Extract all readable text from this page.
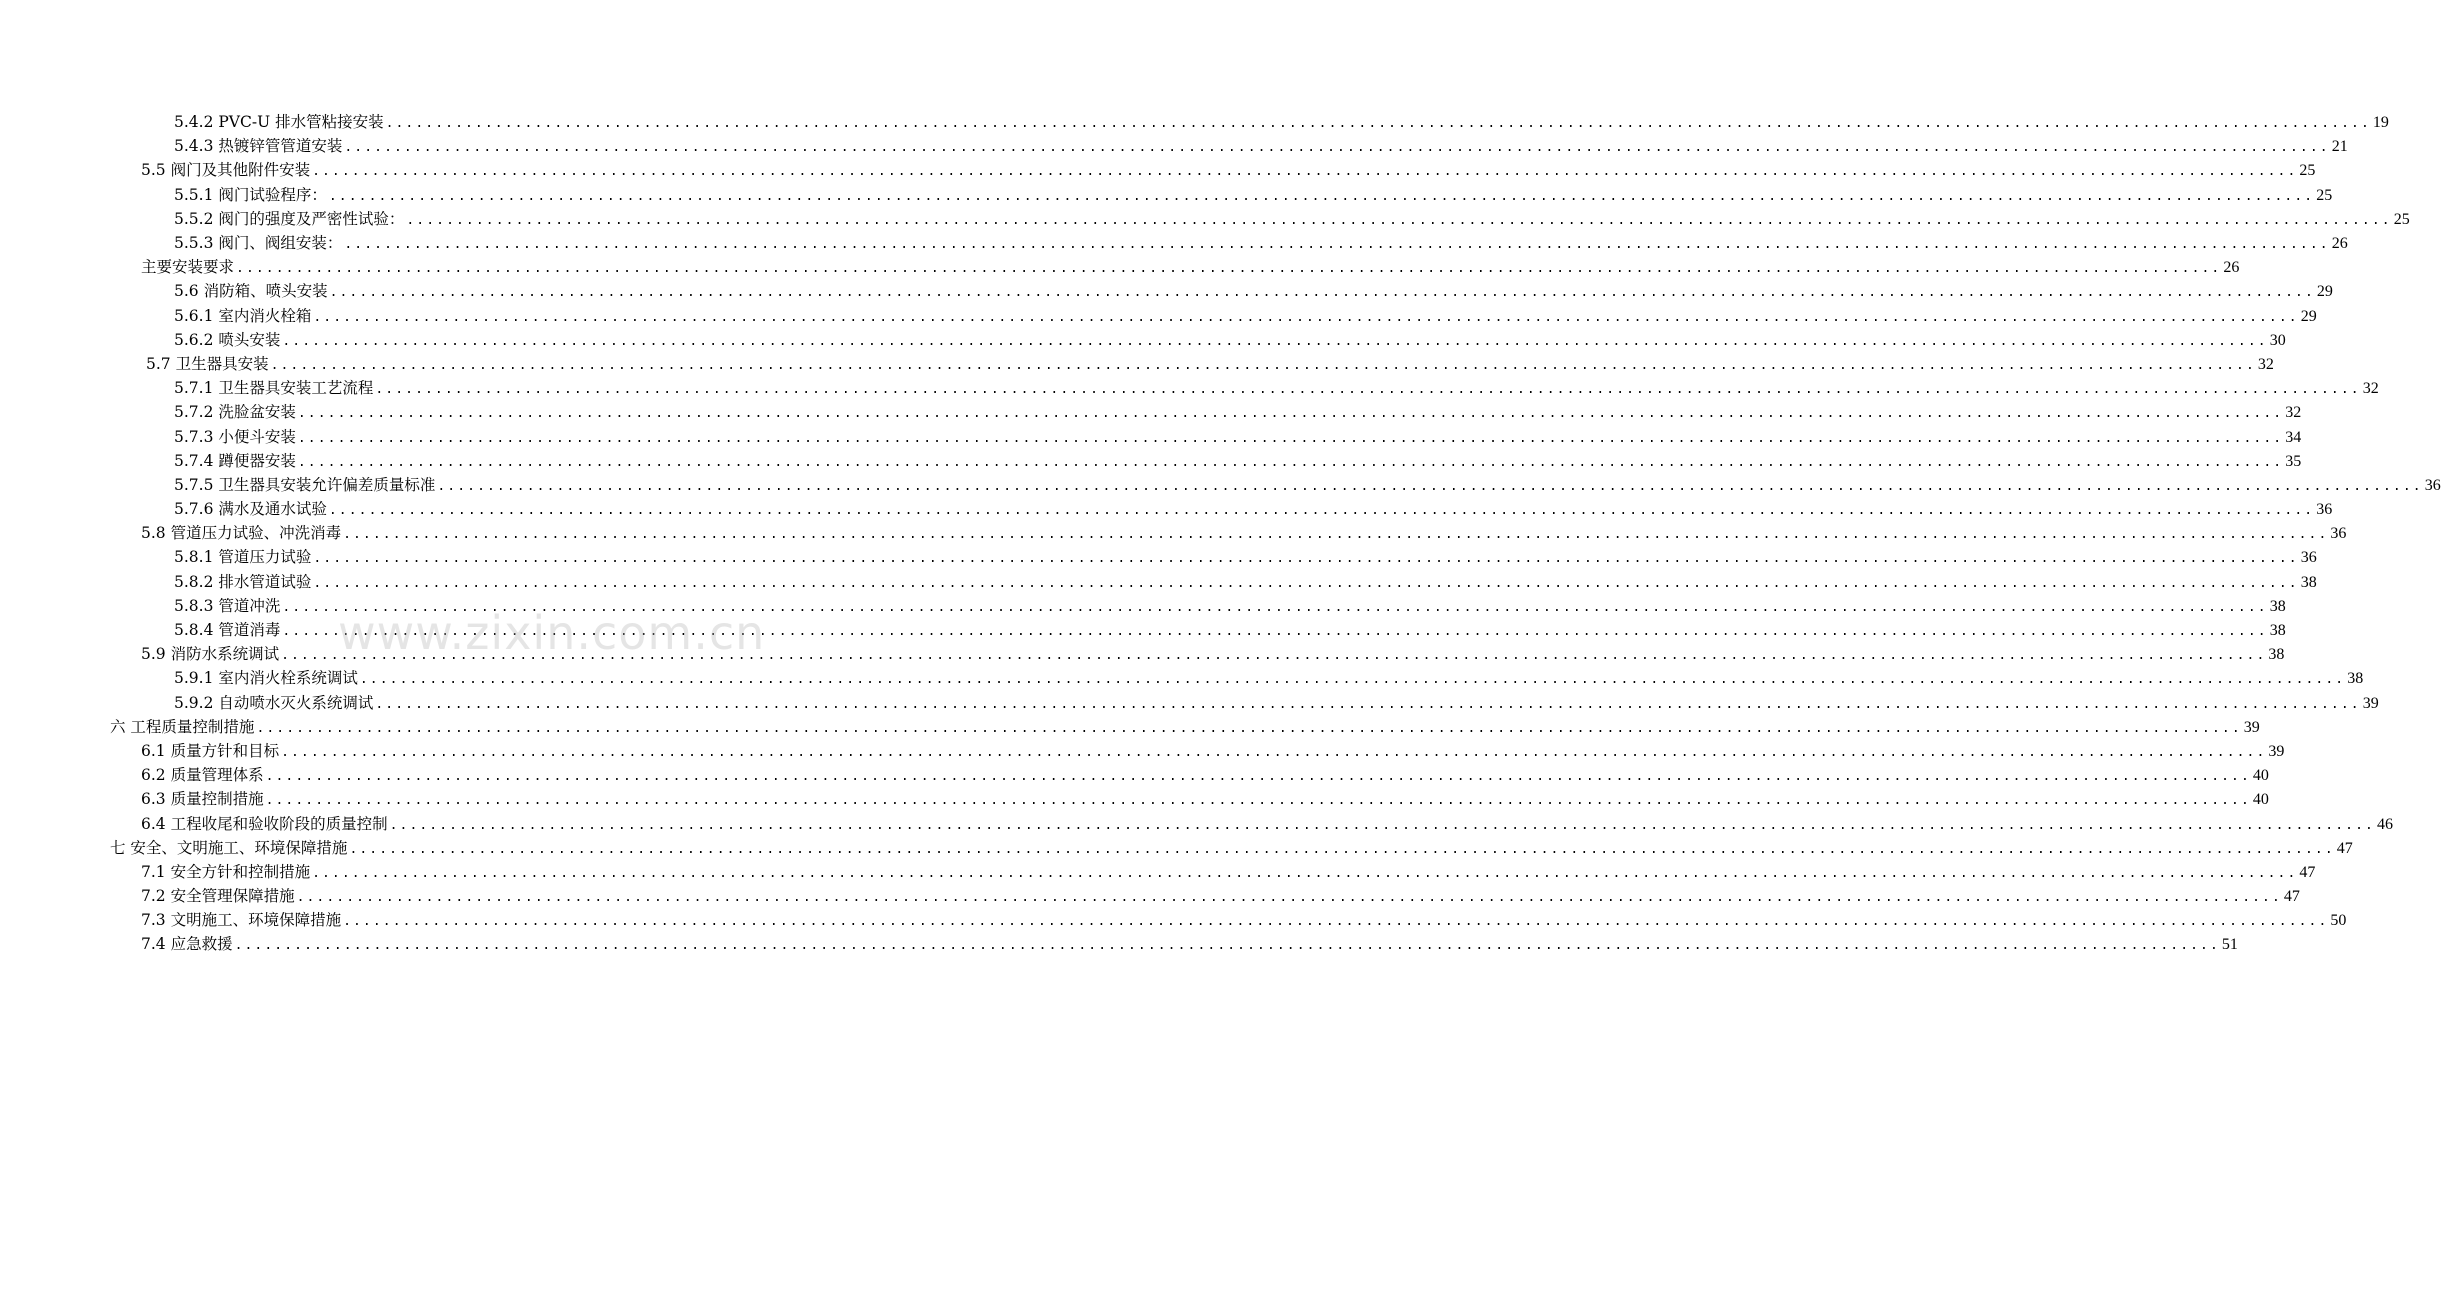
5.4.2 PVC-U 排水管粘接安装 ........................................................................................................................................................................................................ 19
5.4.3 热镀锌管管道安装 ........................................................................................................................................................................................................ 21
5.5 阀门及其他附件安装 ........................................................................................................................................................................................................ 25
5.5.1 阀门试验程序： ........................................................................................................................................................................................................ 25
5.5.2 阀门的强度及严密性试验： ........................................................................................................................................................................................................ 25
5.5.3 阀门、阀组安装： ........................................................................................................................................................................................................ 26
主要安装要求 ........................................................................................................................................................................................................ 26
5.6 消防箱、喷头安装 ........................................................................................................................................................................................................ 29
5.6.1 室内消火栓箱 ........................................................................................................................................................................................................ 29
5.6.2 喷头安装 ........................................................................................................................................................................................................ 30
5.7 卫生器具安装 ........................................................................................................................................................................................................ 32
5.7.1 卫生器具安装工艺流程 ........................................................................................................................................................................................................ 32
5.7.2 洗脸盆安装 ........................................................................................................................................................................................................ 32
5.7.3 小便斗安装 ........................................................................................................................................................................................................ 34
5.7.4 蹲便器安装 ........................................................................................................................................................................................................ 35
5.7.5 卫生器具安装允许偏差质量标准 ........................................................................................................................................................................................................ 36
5.7.6 满水及通水试验 ........................................................................................................................................................................................................ 36
5.8 管道压力试验、冲洗消毒 ........................................................................................................................................................................................................ 36
5.8.1 管道压力试验 ........................................................................................................................................................................................................ 36
5.8.2 排水管道试验 ........................................................................................................................................................................................................ 38
5.8.3 管道冲洗 ........................................................................................................................................................................................................ 38
5.8.4 管道消毒 ........................................................................................................................................................................................................ 38
5.9 消防水系统调试 ........................................................................................................................................................................................................ 38
5.9.1 室内消火栓系统调试 ........................................................................................................................................................................................................ 38
5.9.2 自动喷水灭火系统调试 ........................................................................................................................................................................................................ 39
六 工程质量控制措施 ........................................................................................................................................................................................................ 39
6.1 质量方针和目标 ........................................................................................................................................................................................................ 39
6.2 质量管理体系 ........................................................................................................................................................................................................ 40
6.3 质量控制措施 ........................................................................................................................................................................................................ 40
6.4 工程收尾和验收阶段的质量控制 ........................................................................................................................................................................................................ 46
七 安全、文明施工、环境保障措施 ........................................................................................................................................................................................................ 47
7.1 安全方针和控制措施 ........................................................................................................................................................................................................ 47
7.2 安全管理保障措施 ........................................................................................................................................................................................................ 47
7.3 文明施工、环境保障措施 ........................................................................................................................................................................................................ 50
7.4 应急救援 ........................................................................................................................................................................................................ 51
www.zixin.com.cn
